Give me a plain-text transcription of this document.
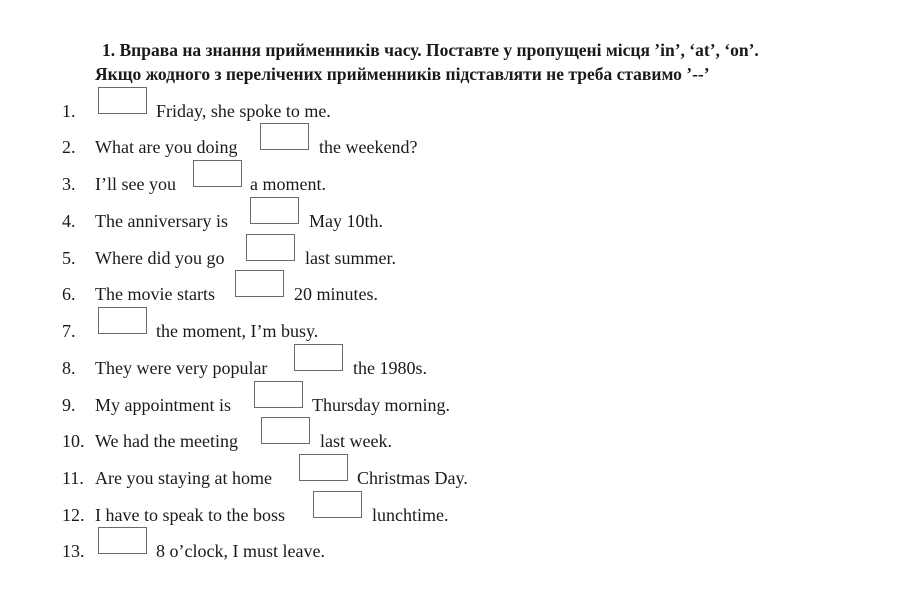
1. Вправа на знання прийменників часу. Поставте у пропущені місця ’in’, ‘at’, ‘on’.
Якщо жодного з перелічених прийменників підставляти не треба ставимо ’--’
1.	Friday, she spoke to me.
2. What are you doing	the weekend?
3. I’ll see you	a moment.
4. The anniversary is	May 10th.
5. Where did you go	last summer.
6. The movie starts	20 minutes.
7.	the moment, I’m busy.
8. They were very popular	the 1980s.
9. My appointment is	Thursday morning.
10. We had the meeting	last week.
11. Are you staying at home	Christmas Day.
12. I have to speak to the boss	lunchtime.
13.	8 o’clock, I must leave.
